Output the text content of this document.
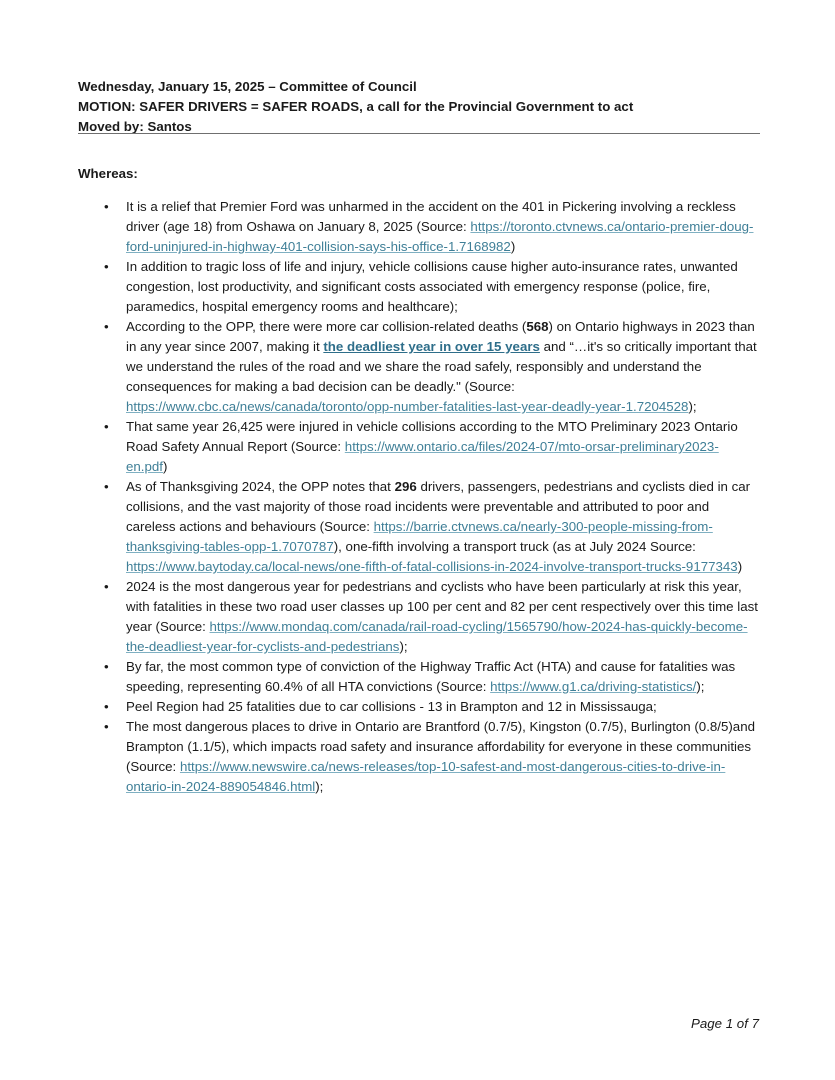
Wednesday, January 15, 2025 – Committee of Council
MOTION: SAFER DRIVERS = SAFER ROADS, a call for the Provincial Government to act
Moved by: Santos
Whereas:
• It is a relief that Premier Ford was unharmed in the accident on the 401 in Pickering involving a reckless driver (age 18) from Oshawa on January 8, 2025 (Source: https://toronto.ctvnews.ca/ontario-premier-doug-ford-uninjured-in-highway-401-collision-says-his-office-1.7168982)
• In addition to tragic loss of life and injury, vehicle collisions cause higher auto-insurance rates, unwanted congestion, lost productivity, and significant costs associated with emergency response (police, fire, paramedics, hospital emergency rooms and healthcare);
• According to the OPP, there were more car collision-related deaths (568) on Ontario highways in 2023 than in any year since 2007, making it the deadliest year in over 15 years and “…it's so critically important that we understand the rules of the road and we share the road safely, responsibly and understand the consequences for making a bad decision can be deadly." (Source: https://www.cbc.ca/news/canada/toronto/opp-number-fatalities-last-year-deadly-year-1.7204528);
• That same year 26,425 were injured in vehicle collisions according to the MTO Preliminary 2023 Ontario Road Safety Annual Report (Source: https://www.ontario.ca/files/2024-07/mto-orsar-preliminary2023-en.pdf)
• As of Thanksgiving 2024, the OPP notes that 296 drivers, passengers, pedestrians and cyclists died in car collisions, and the vast majority of those road incidents were preventable and attributed to poor and careless actions and behaviours (Source: https://barrie.ctvnews.ca/nearly-300-people-missing-from-thanksgiving-tables-opp-1.7070787), one-fifth involving a transport truck (as at July 2024 Source: https://www.baytoday.ca/local-news/one-fifth-of-fatal-collisions-in-2024-involve-transport-trucks-9177343)
• 2024 is the most dangerous year for pedestrians and cyclists who have been particularly at risk this year, with fatalities in these two road user classes up 100 per cent and 82 per cent respectively over this time last year (Source: https://www.mondaq.com/canada/rail-road-cycling/1565790/how-2024-has-quickly-become-the-deadliest-year-for-cyclists-and-pedestrians);
• By far, the most common type of conviction of the Highway Traffic Act (HTA) and cause for fatalities was speeding, representing 60.4% of all HTA convictions (Source: https://www.g1.ca/driving-statistics/);
• Peel Region had 25 fatalities due to car collisions - 13 in Brampton and 12 in Mississauga;
• The most dangerous places to drive in Ontario are Brantford (0.7/5), Kingston (0.7/5), Burlington (0.8/5)and Brampton (1.1/5), which impacts road safety and insurance affordability for everyone in these communities (Source: https://www.newswire.ca/news-releases/top-10-safest-and-most-dangerous-cities-to-drive-in-ontario-in-2024-889054846.html);
Page 1 of 7
